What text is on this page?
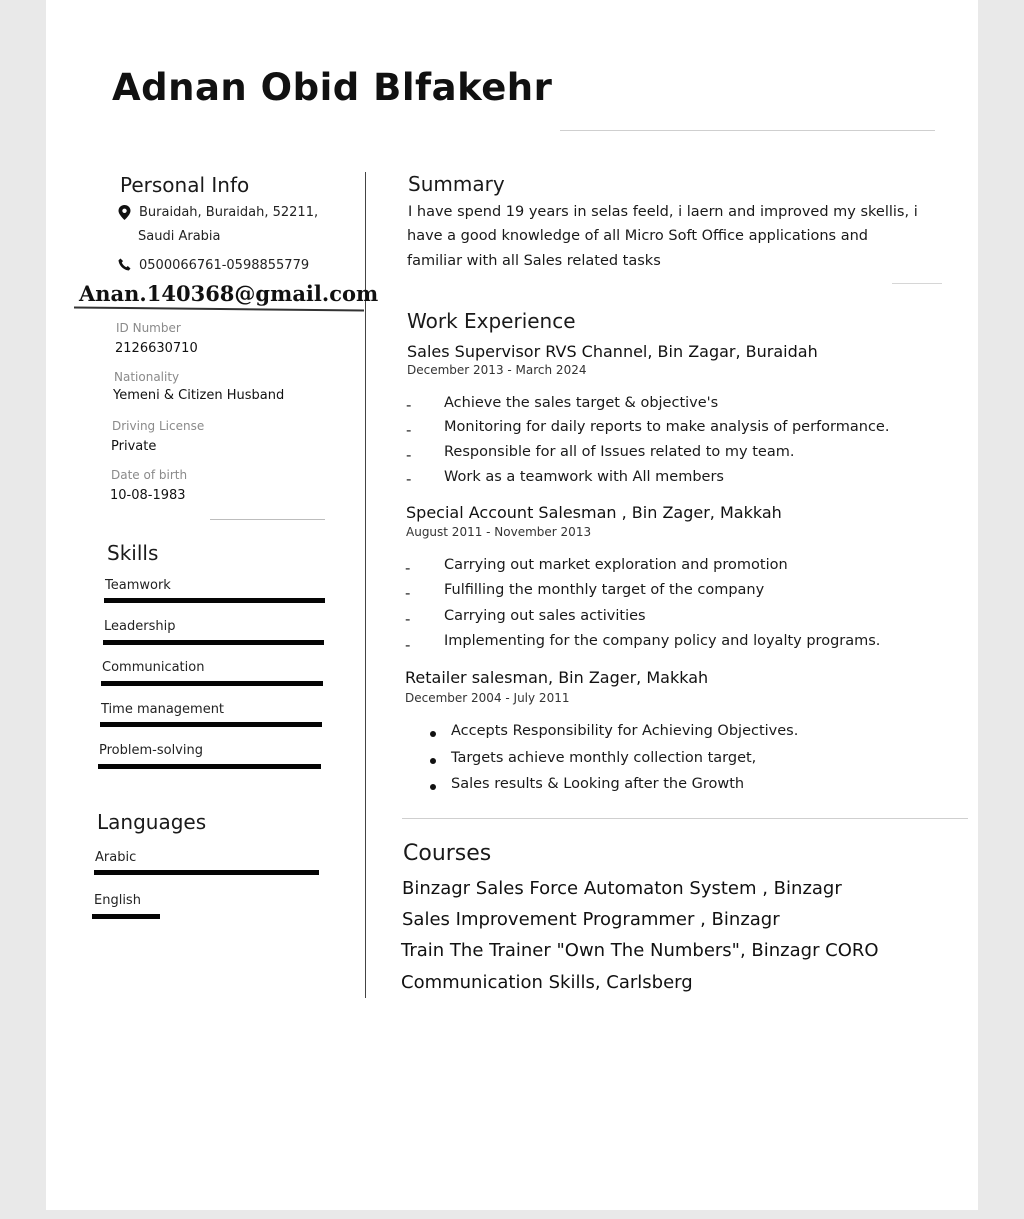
Adnan Obid Blfakehr
Personal Info
Buraidah, Buraidah, 52211,
Saudi Arabia
0500066761-0598855779
Anan.140368@gmail.com
ID Number
2126630710
Nationality
Yemeni & Citizen Husband
Driving License
Private
Date of birth
10-08-1983
Skills
Teamwork
Leadership
Communication
Time management
Problem-solving
Languages
Arabic
English
Summary
I have spend 19 years in selas feeld, i laern and improved my skellis, i
have a good knowledge of all Micro Soft Office applications and
familiar with all Sales related tasks
Work Experience
Sales Supervisor RVS Channel, Bin Zagar, Buraidah
December 2013 - March 2024
- Achieve the sales target & objective's
- Monitoring for daily reports to make analysis of performance.
- Responsible for all of Issues related to my team.
- Work as a teamwork with All members
Special Account Salesman , Bin Zager, Makkah
August 2011 - November 2013
- Carrying out market exploration and promotion
- Fulfilling the monthly target of the company
- Carrying out sales activities
- Implementing for the company policy and loyalty programs.
Retailer salesman, Bin Zager, Makkah
December 2004 - July 2011
Accepts Responsibility for Achieving Objectives.
Targets achieve monthly collection target,
Sales results & Looking after the Growth
Courses
Binzagr Sales Force Automaton System , Binzagr
Sales Improvement Programmer , Binzagr
Train The Trainer "Own The Numbers", Binzagr CORO
Communication Skills, Carlsberg
